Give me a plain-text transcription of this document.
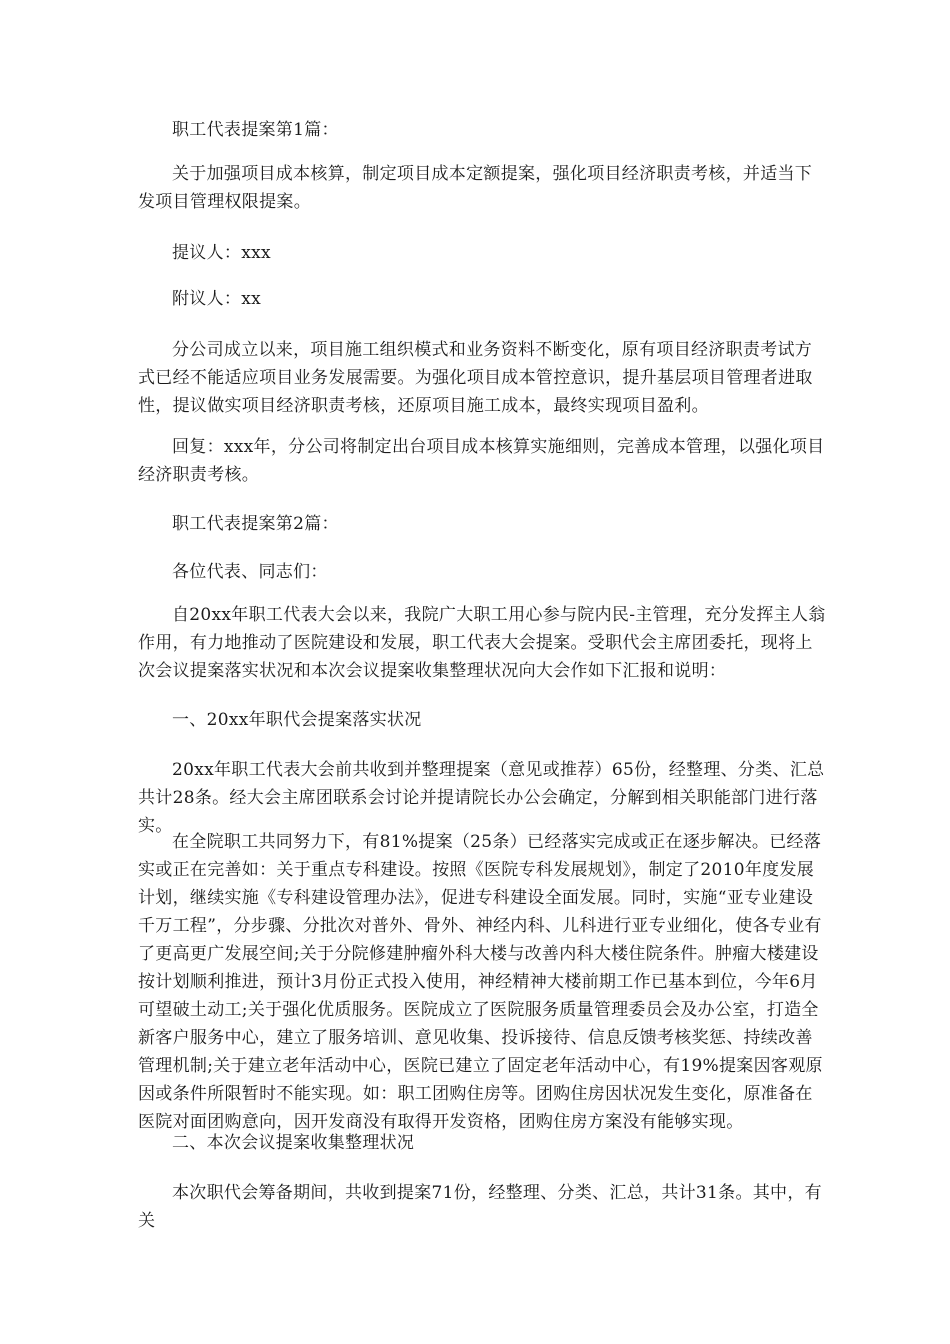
职工代表提案第1篇：

关于加强项目成本核算，制定项目成本定额提案，强化项目经济职责考核，并适当下发项目管理权限提案。

提议人：xxx

附议人：xx

分公司成立以来，项目施工组织模式和业务资料不断变化，原有项目经济职责考试方式已经不能适应项目业务发展需要。为强化项目成本管控意识，提升基层项目管理者进取性，提议做实项目经济职责考核，还原项目施工成本，最终实现项目盈利。

回复：xxx年，分公司将制定出台项目成本核算实施细则，完善成本管理，以强化项目经济职责考核。

职工代表提案第2篇：

各位代表、同志们：

自20xx年职工代表大会以来，我院广大职工用心参与院内民-主管理，充分发挥主人翁作用，有力地推动了医院建设和发展，职工代表大会提案。受职代会主席团委托，现将上次会议提案落实状况和本次会议提案收集整理状况向大会作如下汇报和说明：

一、20xx年职代会提案落实状况

20xx年职工代表大会前共收到并整理提案（意见或推荐）65份，经整理、分类、汇总共计28条。经大会主席团联系会讨论并提请院长办公会确定，分解到相关职能部门进行落实。

在全院职工共同努力下，有81%提案（25条）已经落实完成或正在逐步解决。已经落实或正在完善如：关于重点专科建设。按照《医院专科发展规划》，制定了2010年度发展计划，继续实施《专科建设管理办法》，促进专科建设全面发展。同时，实施“亚专业建设千万工程”，分步骤、分批次对普外、骨外、神经内科、儿科进行亚专业细化，使各专业有了更高更广发展空间;关于分院修建肿瘤外科大楼与改善内科大楼住院条件。肿瘤大楼建设按计划顺利推进，预计3月份正式投入使用，神经精神大楼前期工作已基本到位，今年6月可望破土动工;关于强化优质服务。医院成立了医院服务质量管理委员会及办公室，打造全新客户服务中心，建立了服务培训、意见收集、投诉接待、信息反馈考核奖惩、持续改善管理机制;关于建立老年活动中心，医院已建立了固定老年活动中心，有19%提案因客观原因或条件所限暂时不能实现。如：职工团购住房等。团购住房因状况发生变化，原准备在医院对面团购意向，因开发商没有取得开发资格，团购住房方案没有能够实现。

二、本次会议提案收集整理状况

本次职代会筹备期间，共收到提案71份，经整理、分类、汇总，共计31条。其中，有关
